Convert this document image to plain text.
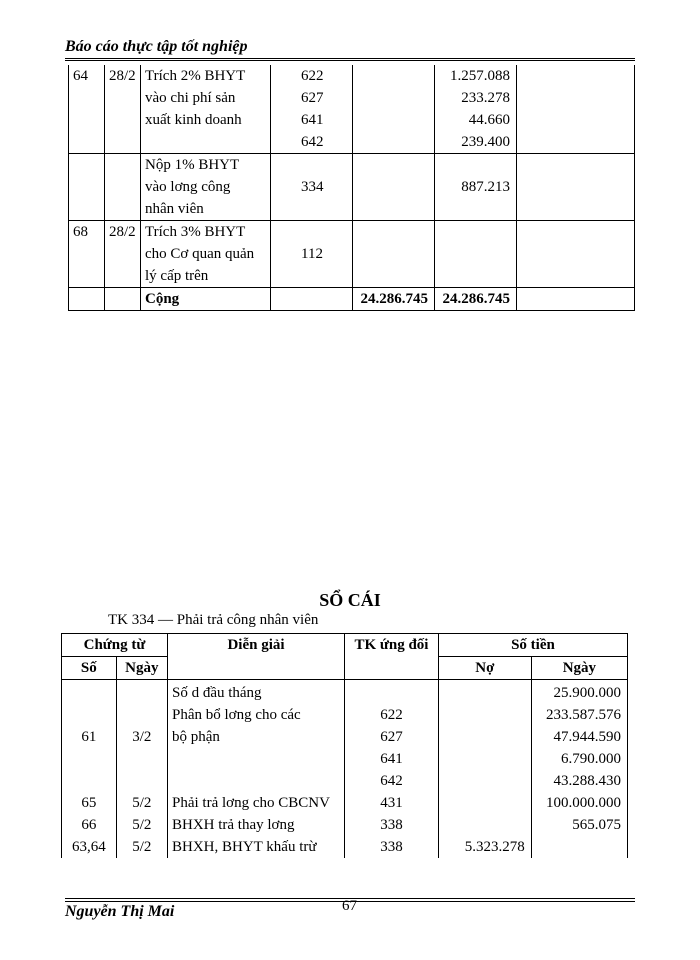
Báo cáo thực tập tốt nghiệp
64	28/2	Trích 2% BHYT	622		1.257.088	
		vào chi phí sản	627		233.278	
		xuất kinh doanh	641		44.660	
			642		239.400	
		Nộp 1% BHYT				
		vào lơng công	334		887.213	
		nhân viên				
68	28/2	Trích 3% BHYT				
		cho Cơ quan quản	112			
		lý cấp trên				
		Cộng		24.286.745	24.286.745	
SỔ CÁI
TK 334 — Phải trả công nhân viên
Chứng từ		Diễn giải	TK ứng đối	Số tiền	
Số	Ngày			Nợ	Ngày
		Số d đầu tháng			25.900.000
		Phân bổ lơng cho các	622		233.587.576
61	3/2	bộ phận	627		47.944.590
			641		6.790.000
			642		43.288.430
65	5/2	Phải trả lơng cho CBCNV	431		100.000.000
66	5/2	BHXH trả thay lơng	338		565.075
63,64	5/2	BHXH, BHYT khấu trừ	338	5.323.278	
Nguyễn Thị Mai	67
